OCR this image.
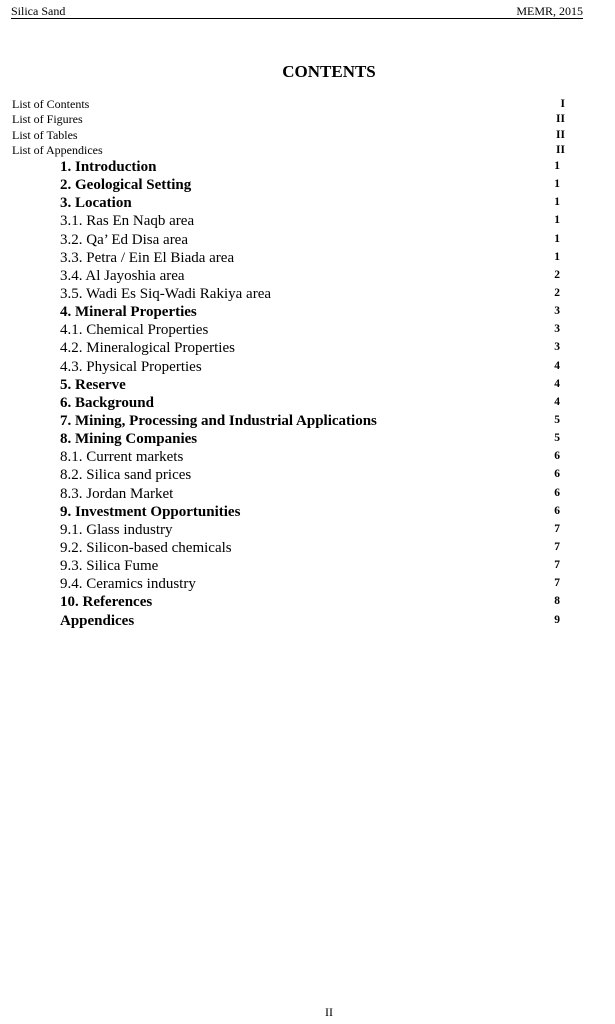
Silica Sand	MEMR, 2015
CONTENTS
List of Contents	I
List of Figures	II
List of Tables	II
List of Appendices	II
1. Introduction	1
2. Geological Setting	1
3. Location	1
3.1. Ras En Naqb area	1
3.2. Qa’ Ed Disa area	1
3.3. Petra / Ein El Biada area	1
3.4. Al Jayoshia area	2
3.5. Wadi Es Siq-Wadi Rakiya area	2
4. Mineral Properties	3
4.1. Chemical Properties	3
4.2. Mineralogical Properties	3
4.3. Physical Properties	4
5. Reserve	4
6. Background	4
7. Mining, Processing and Industrial Applications	5
8. Mining Companies	5
8.1. Current markets	6
8.2. Silica sand prices	6
8.3. Jordan Market	6
9. Investment Opportunities	6
9.1. Glass industry	7
9.2. Silicon-based chemicals	7
9.3. Silica Fume	7
9.4. Ceramics industry	7
10. References	8
Appendices	9
II
